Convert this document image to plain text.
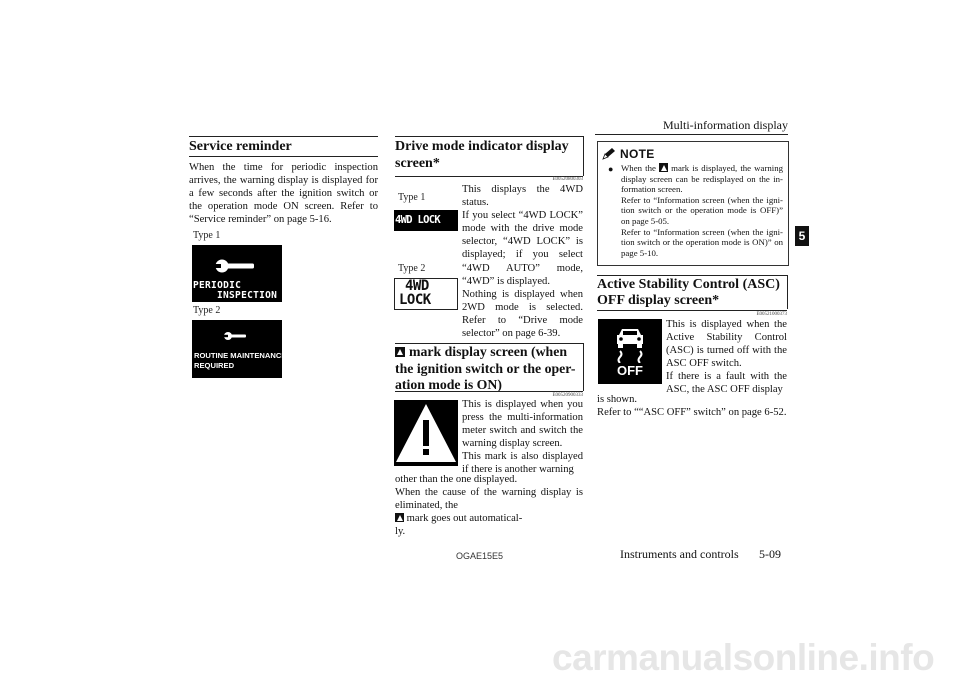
Multi-information display
5
Service reminder

When the time for periodic inspection arrives, the warning display is displayed for a few seconds after the ignition switch or the operation mode ON screen. Refer to “Service reminder” on page 5-16.

Type 1
PERIODIC
INSPECTION
Type 2
ROUTINE MAINTENANCE
REQUIRED
Drive mode indicator display
screen*
E00520800303
Type 1
4WD LOCK
Type 2
4WD
LOCK

This displays the 4WD status.

If you select “4WD LOCK” mode with the drive mode selector, “4WD LOCK” is displayed; if you select “4WD AUTO” mode, “4WD” is displayed.

Nothing is displayed when 2WD mode is selected. Refer to “Drive mode selector” on page 6-39.

mark display screen (when
the ignition switch or the oper-
ation mode is ON)
E00520900333

This is displayed when you press the multi-information meter switch and switch the warning display screen.

This mark is also displayed if there is another warning

other than the one displayed.

When the cause of the warning display is eliminated, the

mark goes out automatical-

ly.

NOTE
● When the mark is displayed, the warning display screen can be redisplayed on the in-formation screen.
Refer to “Information screen (when the igni-tion switch or the operation mode is OFF)” on page 5-05.
Refer to “Information screen (when the igni-tion switch or the operation mode is ON)” on page 5-10.
Active Stability Control (ASC)
OFF display screen*
E00521000373
OFF

This is displayed when the Active Stability Control (ASC) is turned off with the ASC OFF switch.

If there is a fault with the ASC, the ASC OFF display

is shown.

Refer to ““ASC OFF” switch” on page 6-52.

OGAE15E5	Instruments and controls 5-09
carmanualsonline.info
